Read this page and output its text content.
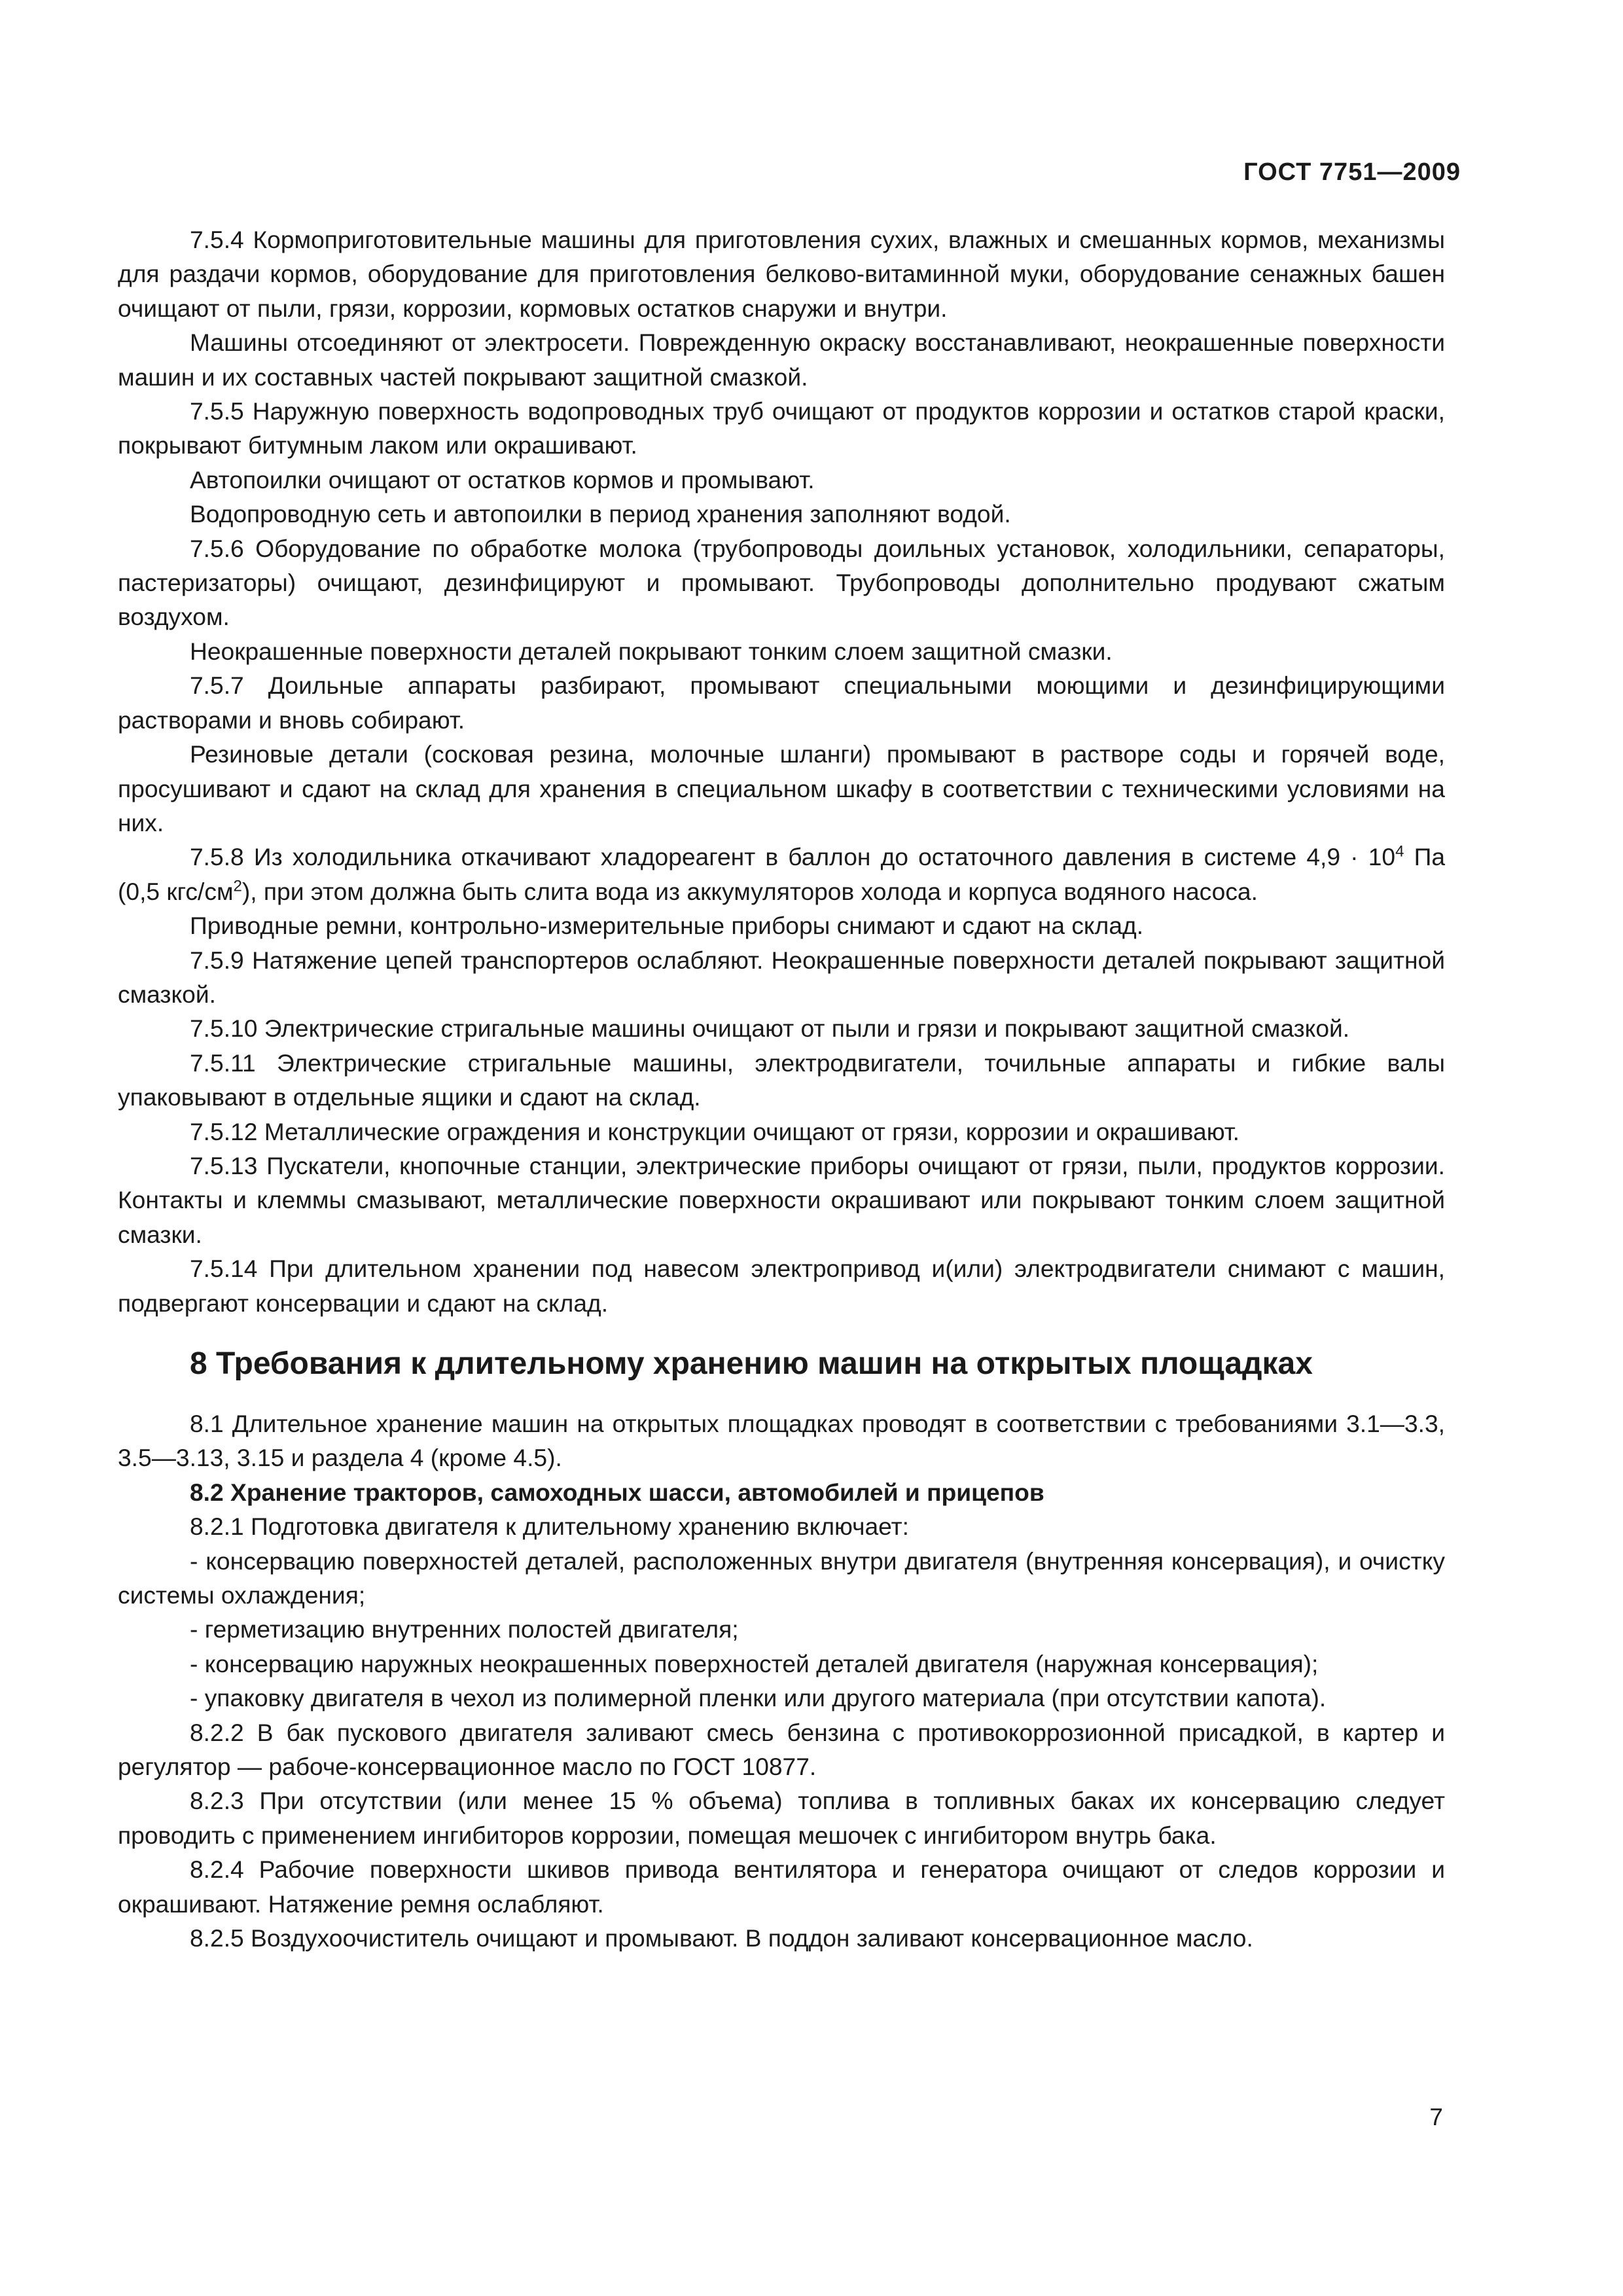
ГОСТ 7751—2009

7.5.4 Кормоприготовительные машины для приготовления сухих, влажных и смешанных кормов, механизмы для раздачи кормов, оборудование для приготовления белково-витаминной муки, оборудование сенажных башен очищают от пыли, грязи, коррозии, кормовых остатков снаружи и внутри.

Машины отсоединяют от электросети. Поврежденную окраску восстанавливают, неокрашенные поверхности машин и их составных частей покрывают защитной смазкой.

7.5.5 Наружную поверхность водопроводных труб очищают от продуктов коррозии и остатков старой краски, покрывают битумным лаком или окрашивают.

Автопоилки очищают от остатков кормов и промывают.

Водопроводную сеть и автопоилки в период хранения заполняют водой.

7.5.6 Оборудование по обработке молока (трубопроводы доильных установок, холодильники, сепараторы, пастеризаторы) очищают, дезинфицируют и промывают. Трубопроводы дополнительно продувают сжатым воздухом.

Неокрашенные поверхности деталей покрывают тонким слоем защитной смазки.

7.5.7 Доильные аппараты разбирают, промывают специальными моющими и дезинфицирующими растворами и вновь собирают.

Резиновые детали (сосковая резина, молочные шланги) промывают в растворе соды и горячей воде, просушивают и сдают на склад для хранения в специальном шкафу в соответствии с техническими условиями на них.

7.5.8 Из холодильника откачивают хладореагент в баллон до остаточного давления в системе $4,9 \cdot 10^4$ Па (0,5 кгс/$см^2$), при этом должна быть слита вода из аккумуляторов холода и корпуса водяного насоса.

Приводные ремни, контрольно-измерительные приборы снимают и сдают на склад.

7.5.9 Натяжение цепей транспортеров ослабляют. Неокрашенные поверхности деталей покрывают защитной смазкой.

7.5.10 Электрические стригальные машины очищают от пыли и грязи и покрывают защитной смазкой.

7.5.11 Электрические стригальные машины, электродвигатели, точильные аппараты и гибкие валы упаковывают в отдельные ящики и сдают на склад.

7.5.12 Металлические ограждения и конструкции очищают от грязи, коррозии и окрашивают.

7.5.13 Пускатели, кнопочные станции, электрические приборы очищают от грязи, пыли, продуктов коррозии. Контакты и клеммы смазывают, металлические поверхности окрашивают или покрывают тонким слоем защитной смазки.

7.5.14 При длительном хранении под навесом электропривод и(или) электродвигатели снимают с машин, подвергают консервации и сдают на склад.

8 Требования к длительному хранению машин на открытых площадках

8.1 Длительное хранение машин на открытых площадках проводят в соответствии с требованиями 3.1—3.3, 3.5—3.13, 3.15 и раздела 4 (кроме 4.5).

8.2 Хранение тракторов, самоходных шасси, автомобилей и прицепов

8.2.1 Подготовка двигателя к длительному хранению включает:

- консервацию поверхностей деталей, расположенных внутри двигателя (внутренняя консервация), и очистку системы охлаждения;

- герметизацию внутренних полостей двигателя;

- консервацию наружных неокрашенных поверхностей деталей двигателя (наружная консервация);

- упаковку двигателя в чехол из полимерной пленки или другого материала (при отсутствии капота).

8.2.2 В бак пускового двигателя заливают смесь бензина с противокоррозионной присадкой, в картер и регулятор — рабоче-консервационное масло по ГОСТ 10877.

8.2.3 При отсутствии (или менее 15 % объема) топлива в топливных баках их консервацию следует проводить с применением ингибиторов коррозии, помещая мешочек с ингибитором внутрь бака.

8.2.4 Рабочие поверхности шкивов привода вентилятора и генератора очищают от следов коррозии и окрашивают. Натяжение ремня ослабляют.

8.2.5 Воздухоочиститель очищают и промывают. В поддон заливают консервационное масло.

7
